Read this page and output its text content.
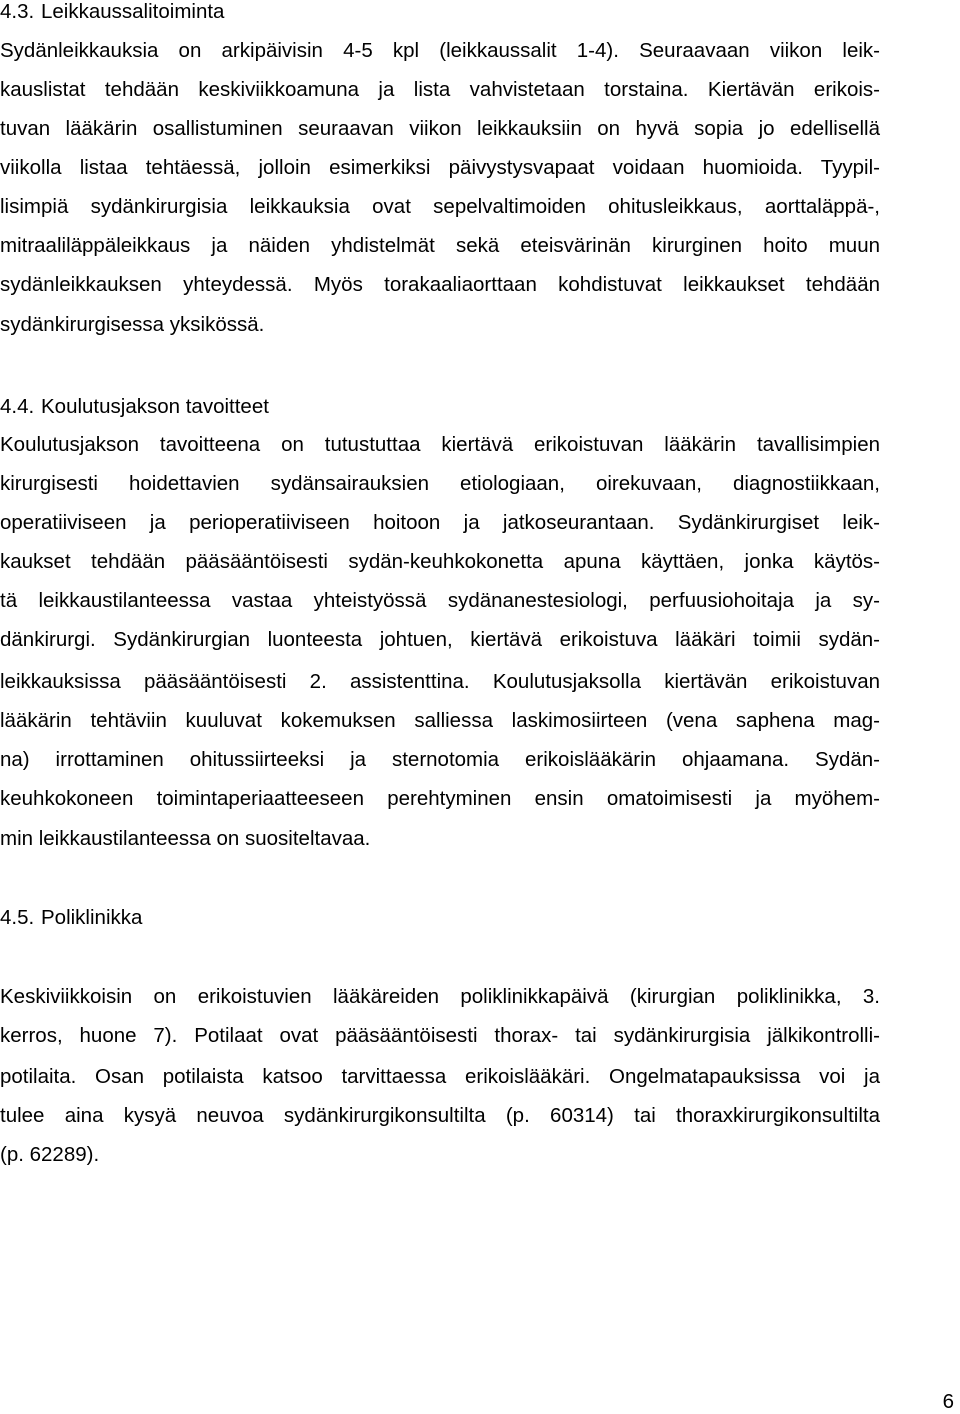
4.3. Leikkaussalitoiminta
Sydänleikkauksia on arkipäivisin 4-5 kpl (leikkaussalit 1-4). Seuraavaan viikon leik-
kauslistat tehdään keskiviikkoamuna ja lista vahvistetaan torstaina. Kiertävän erikois-
tuvan lääkärin osallistuminen seuraavan viikon leikkauksiin on hyvä sopia jo edellisellä
viikolla listaa tehtäessä, jolloin esimerkiksi päivystysvapaat voidaan huomioida. Tyypil-
lisimpiä sydänkirurgisia leikkauksia ovat sepelvaltimoiden ohitusleikkaus, aorttaläppä-,
mitraaliläppäleikkaus ja näiden yhdistelmät sekä eteisvärinän kirurginen hoito muun
sydänleikkauksen yhteydessä. Myös torakaaliaorttaan kohdistuvat leikkaukset tehdään
sydänkirurgisessa yksikössä.
4.4. Koulutusjakson tavoitteet
Koulutusjakson tavoitteena on tutustuttaa kiertävä erikoistuvan lääkärin tavallisimpien
kirurgisesti hoidettavien sydänsairauksien etiologiaan, oirekuvaan, diagnostiikkaan,
operatiiviseen ja perioperatiiviseen hoitoon ja jatkoseurantaan. Sydänkirurgiset leik-
kaukset tehdään pääsääntöisesti sydän-keuhkokonetta apuna käyttäen, jonka käytös-
tä leikkaustilanteessa vastaa yhteistyössä sydänanestesiologi, perfuusiohoitaja ja sy-
dänkirurgi. Sydänkirurgian luonteesta johtuen, kiertävä erikoistuva lääkäri toimii sydän-
leikkauksissa pääsääntöisesti 2. assistenttina. Koulutusjaksolla kiertävän erikoistuvan
lääkärin tehtäviin kuuluvat kokemuksen salliessa laskimosiirteen (vena saphena mag-
na) irrottaminen ohitussiirteeksi ja sternotomia erikoislääkärin ohjaamana. Sydän-
keuhkokoneen toimintaperiaatteeseen perehtyminen ensin omatoimisesti ja myöhem-
min leikkaustilanteessa on suositeltavaa.
4.5. Poliklinikka
Keskiviikkoisin on erikoistuvien lääkäreiden poliklinikkapäivä (kirurgian poliklinikka, 3.
kerros, huone 7). Potilaat ovat pääsääntöisesti thorax- tai sydänkirurgisia jälkikontrolli-
potilaita. Osan potilaista katsoo tarvittaessa erikoislääkäri. Ongelmatapauksissa voi ja
tulee aina kysyä neuvoa sydänkirurgikonsultilta (p. 60314) tai thoraxkirurgikonsultilta
(p. 62289).
6
